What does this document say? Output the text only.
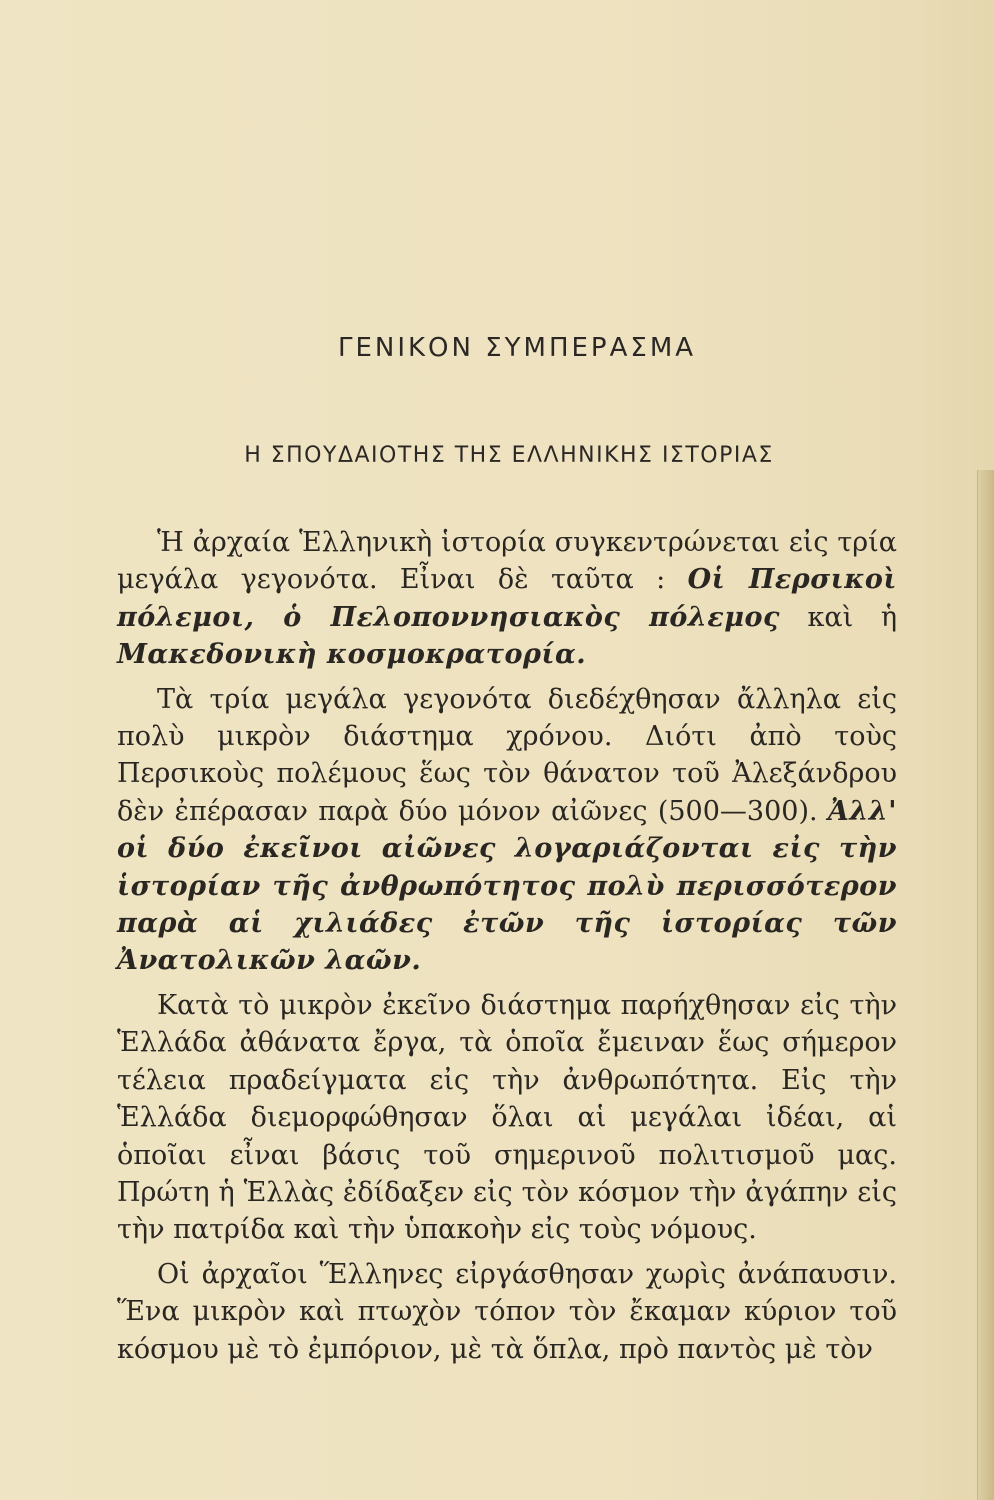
ΓΕΝΙΚΟΝ ΣΥΜΠΕΡΑΣΜΑ
Η ΣΠΟΥΔΑΙΟΤΗΣ ΤΗΣ ΕΛΛΗΝΙΚΗΣ ΙΣΤΟΡΙΑΣ

Ἡ ἀρχαία Ἑλληνικὴ ἱστορία συγκεντρώνεται εἰς τρία μεγάλα γεγονότα. Εἶναι δὲ ταῦτα : Οἱ Περσικοὶ πόλεμοι, ὁ Πελοποννησιακὸς πόλεμος καὶ ἡ Μακεδονικὴ κοσμοκρατορία.

Τὰ τρία μεγάλα γεγονότα διεδέχθησαν ἄλληλα εἰς πολὺ μικρὸν διάστημα χρόνου. Διότι ἀπὸ τοὺς Περσικοὺς πολέμους ἕως τὸν θάνατον τοῦ Ἀλεξάνδρου δὲν ἐπέρασαν παρὰ δύο μόνον αἰῶνες (500—300). Ἀλλ' οἱ δύο ἐκεῖνοι αἰῶνες λογαριάζονται εἰς τὴν ἱστορίαν τῆς ἀνθρωπότητος πολὺ περισσότερον παρὰ αἱ χιλιάδες ἐτῶν τῆς ἱστορίας τῶν Ἀνατολικῶν λαῶν.

Κατὰ τὸ μικρὸν ἐκεῖνο διάστημα παρήχθησαν εἰς τὴν Ἑλλάδα ἀθάνατα ἔργα, τὰ ὁποῖα ἔμειναν ἕως σήμερον τέλεια πραδείγματα εἰς τὴν ἀνθρωπότητα. Εἰς τὴν Ἑλλάδα διεμορφώθησαν ὅλαι αἱ μεγάλαι ἰδέαι, αἱ ὁποῖαι εἶναι βάσις τοῦ σημερινοῦ πολιτισμοῦ μας. Πρώτη ἡ Ἑλλὰς ἐδίδαξεν εἰς τὸν κόσμον τὴν ἀγάπην εἰς τὴν πατρίδα καὶ τὴν ὑπακοὴν εἰς τοὺς νόμους.

Οἱ ἀρχαῖοι Ἕλληνες εἰργάσθησαν χωρὶς ἀνάπαυσιν. Ἕνα μικρὸν καὶ πτωχὸν τόπον τὸν ἔκαμαν κύριον τοῦ κόσμου μὲ τὸ ἐμπόριον, μὲ τὰ ὅπλα, πρὸ παντὸς μὲ τὸν
